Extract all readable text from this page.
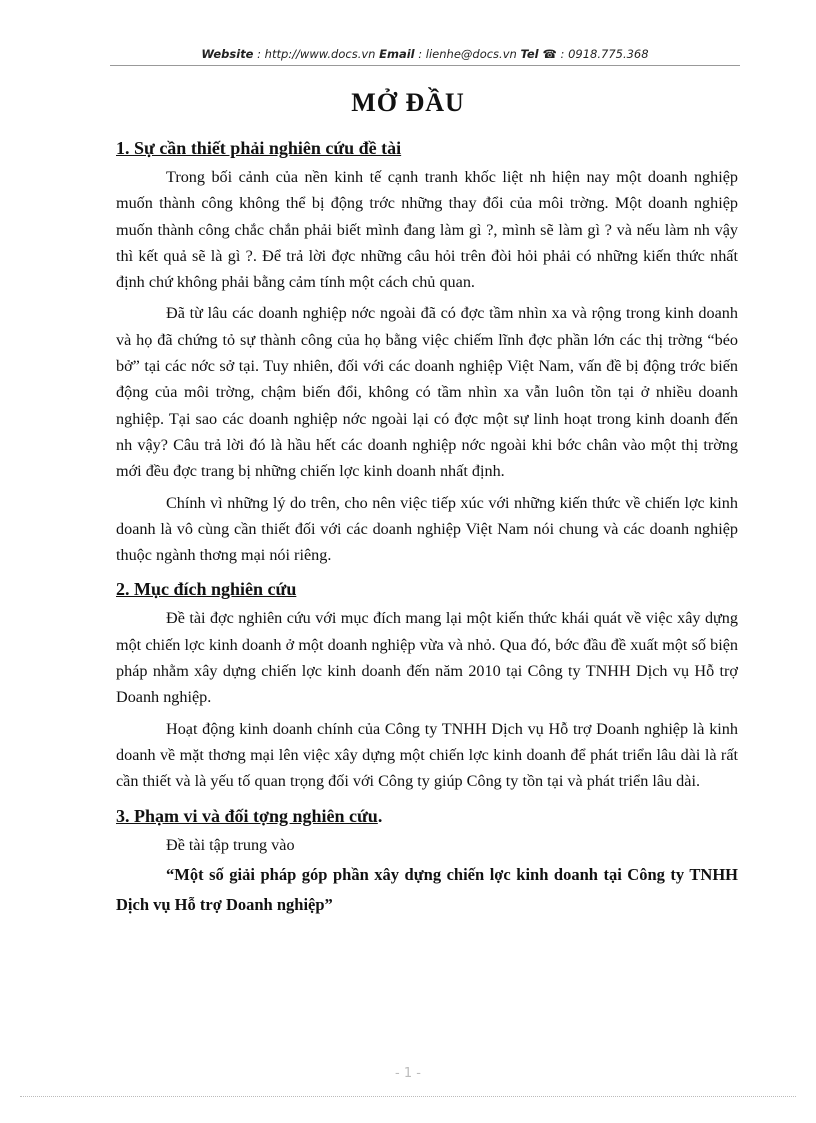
Website : http://www.docs.vn Email : lienhe@docs.vn Tel ☎ : 0918.775.368
MỞ ĐẦU
1. Sự cần thiết phải nghiên cứu đề tài

Trong bối cảnh của nền kinh tế cạnh tranh khốc liệt nh hiện nay một doanh nghiệp muốn thành công không thể bị động trớc những thay đổi của môi trờng. Một doanh nghiệp muốn thành công chắc chắn phải biết mình đang làm gì ?, mình sẽ làm gì ? và nếu làm nh vậy thì kết quả sẽ là gì ?. Để trả lời đợc những câu hỏi trên đòi hỏi phải có những kiến thức nhất định chứ không phải bằng cảm tính một cách chủ quan.

Đã từ lâu các doanh nghiệp nớc ngoài đã có đợc tầm nhìn xa và rộng trong kinh doanh và họ đã chứng tỏ sự thành công của họ bằng việc chiếm lĩnh đợc phần lớn các thị trờng “béo bở” tại các nớc sở tại. Tuy nhiên, đối với các doanh nghiệp Việt Nam, vấn đề bị động trớc biến động của môi trờng, chậm biến đổi, không có tầm nhìn xa vẫn luôn tồn tại ở nhiều doanh nghiệp. Tại sao các doanh nghiệp nớc ngoài lại có đợc một sự linh hoạt trong kinh doanh đến nh vậy? Câu trả lời đó là hầu hết các doanh nghiệp nớc ngoài khi bớc chân vào một thị trờng mới đều đợc trang bị những chiến lợc kinh doanh nhất định.

Chính vì những lý do trên, cho nên việc tiếp xúc với những kiến thức về chiến lợc kinh doanh là vô cùng cần thiết đối với các doanh nghiệp Việt Nam nói chung và các doanh nghiệp thuộc ngành thơng mại nói riêng.

2. Mục đích nghiên cứu

Đề tài đợc nghiên cứu với mục đích mang lại một kiến thức khái quát về việc xây dựng một chiến lợc kinh doanh ở một doanh nghiệp vừa và nhỏ. Qua đó, bớc đầu đề xuất một số biện pháp nhằm xây dựng chiến lợc kinh doanh đến năm 2010 tại Công ty TNHH Dịch vụ Hỗ trợ Doanh nghiệp.

Hoạt động kinh doanh chính của Công ty TNHH Dịch vụ Hỗ trợ Doanh nghiệp là kinh doanh về mặt thơng mại lên việc xây dựng một chiến lợc kinh doanh để phát triển lâu dài là rất cần thiết và là yếu tố quan trọng đối với Công ty giúp Công ty tồn tại và phát triển lâu dài.

3. Phạm vi và đối tợng nghiên cứu.

Đề tài tập trung vào

“Một số giải pháp góp phần xây dựng chiến lợc kinh doanh tại Công ty TNHH Dịch vụ Hỗ trợ Doanh nghiệp”

- 1 -
